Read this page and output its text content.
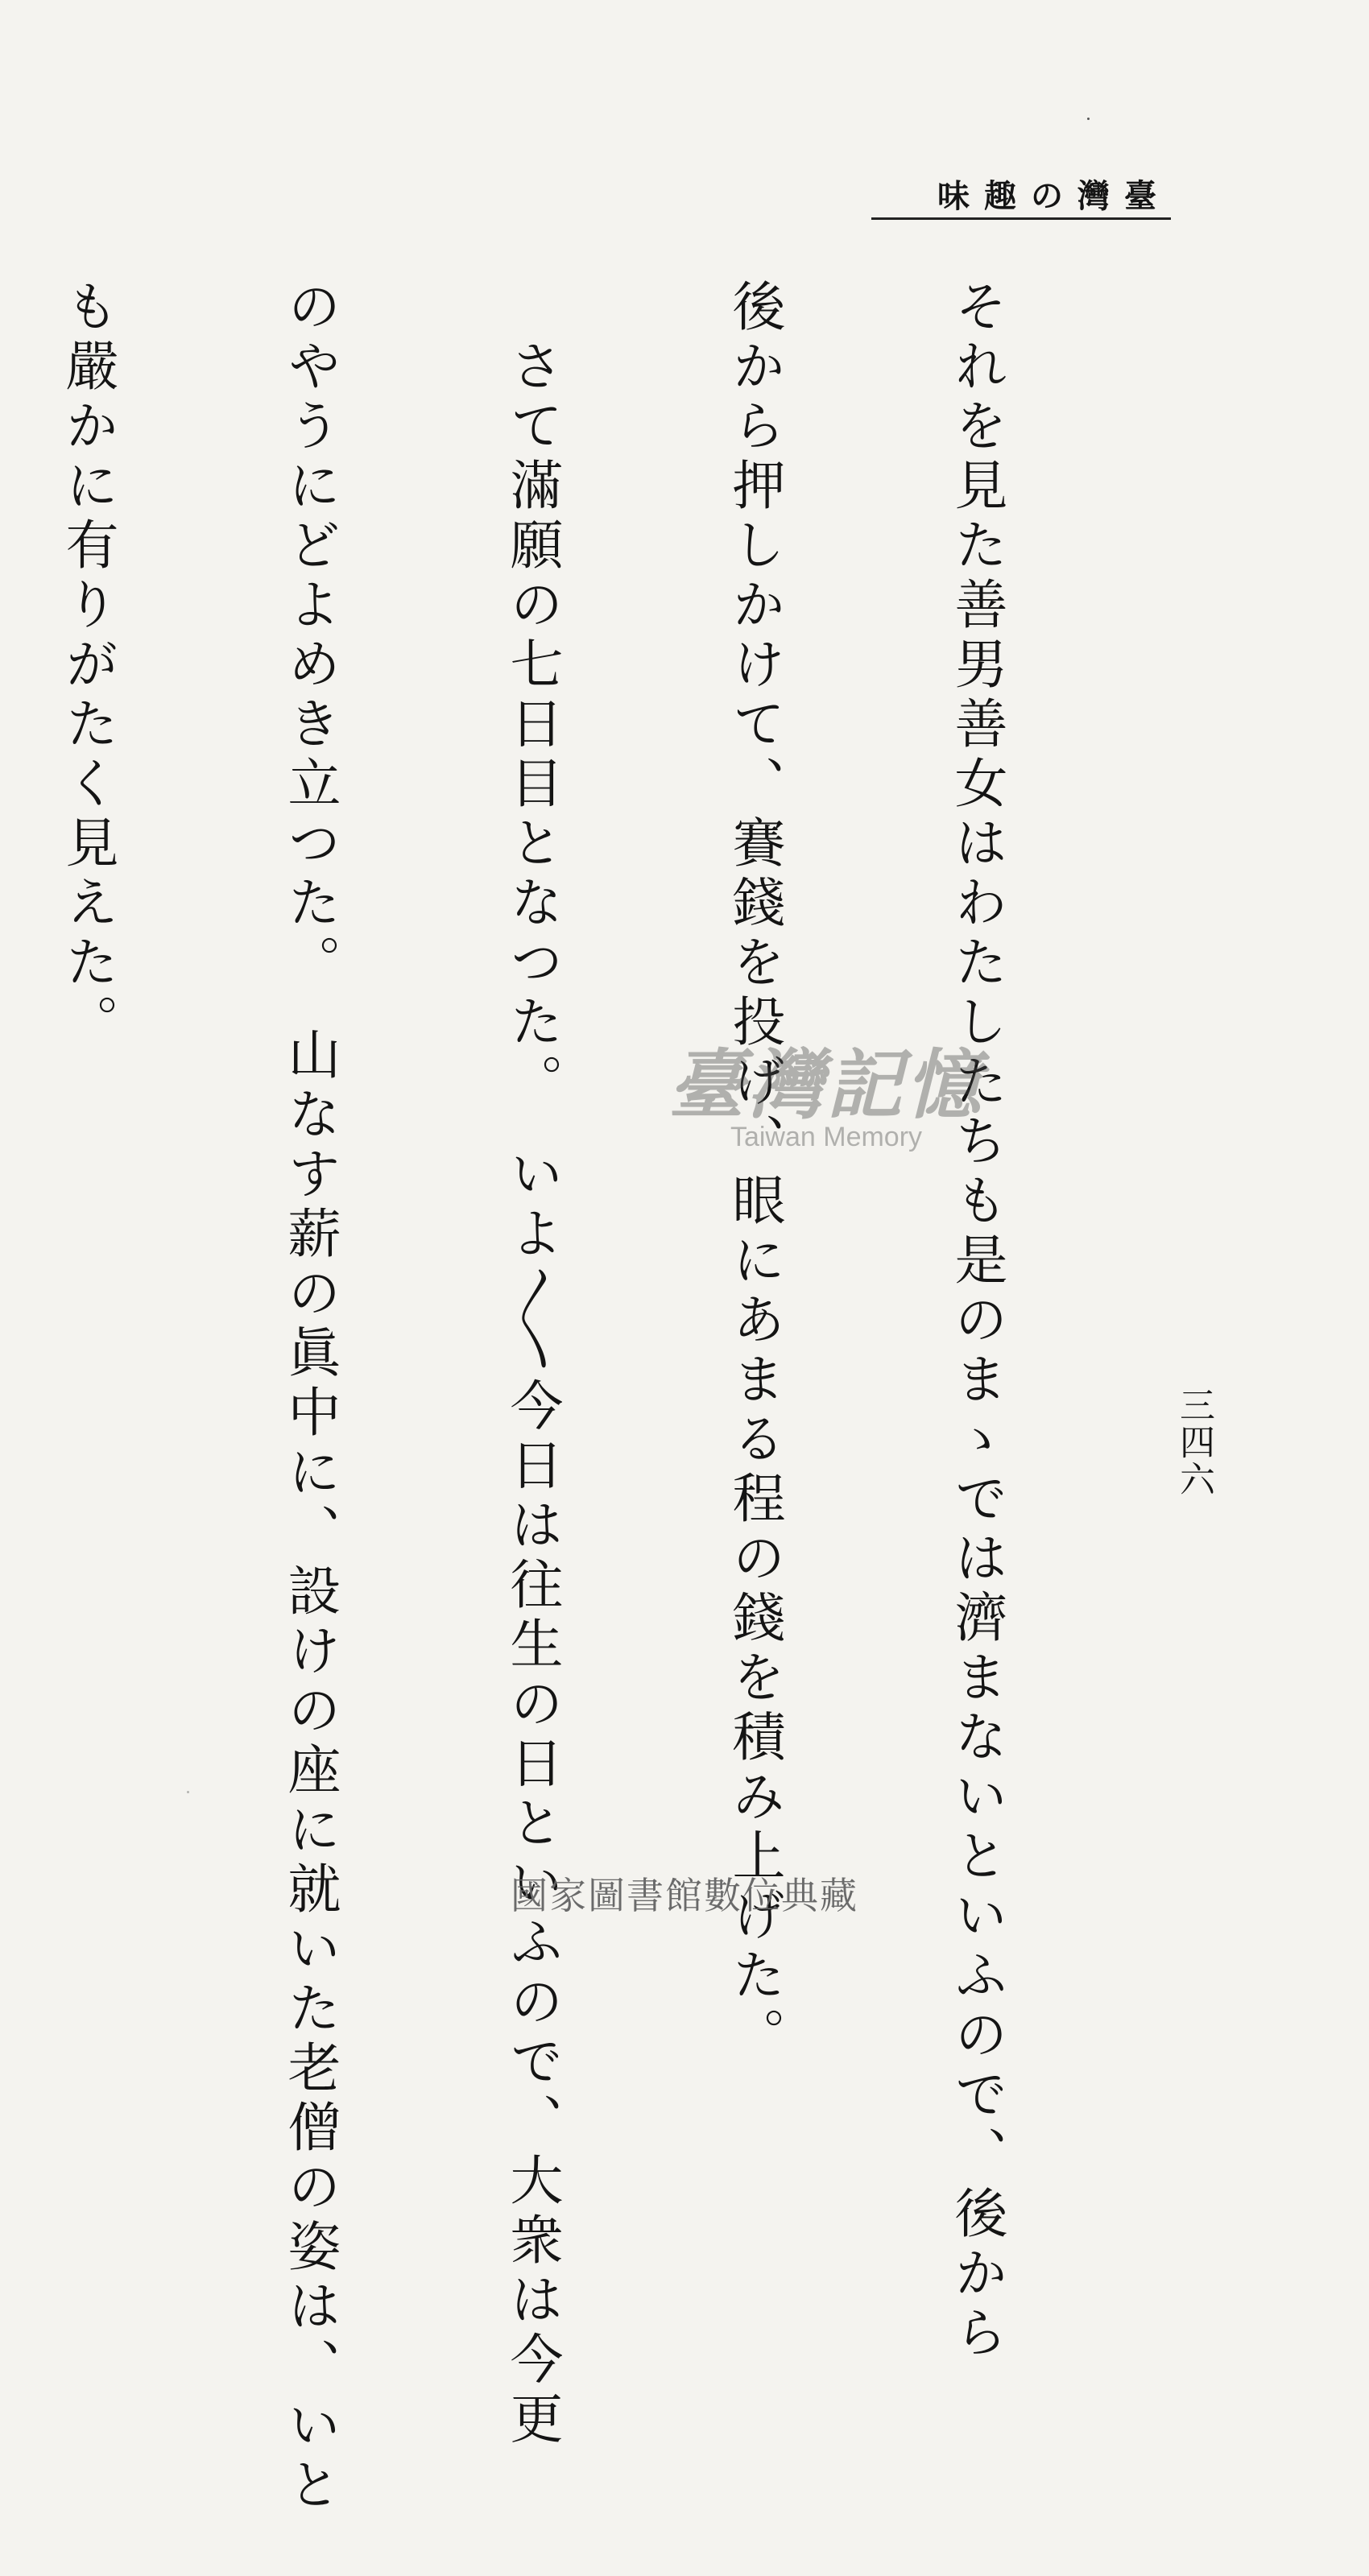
臺灣の趣味
三四六

それを見た善男善女はわたしたちも是のまゝでは濟まないといふので、後から

後から押しかけて、賽錢を投げ、眼にあまる程の錢を積み上げた。

　さて滿願の七日目となつた。　いよ〳〵今日は往生の日といふので、大衆は今更

のやうにどよめき立つた。　山なす薪の眞中に、設けの座に就いた老僧の姿は、いと

も嚴かに有りがたく見えた。

臺灣記憶
Taiwan Memory
國家圖書館數位典藏
